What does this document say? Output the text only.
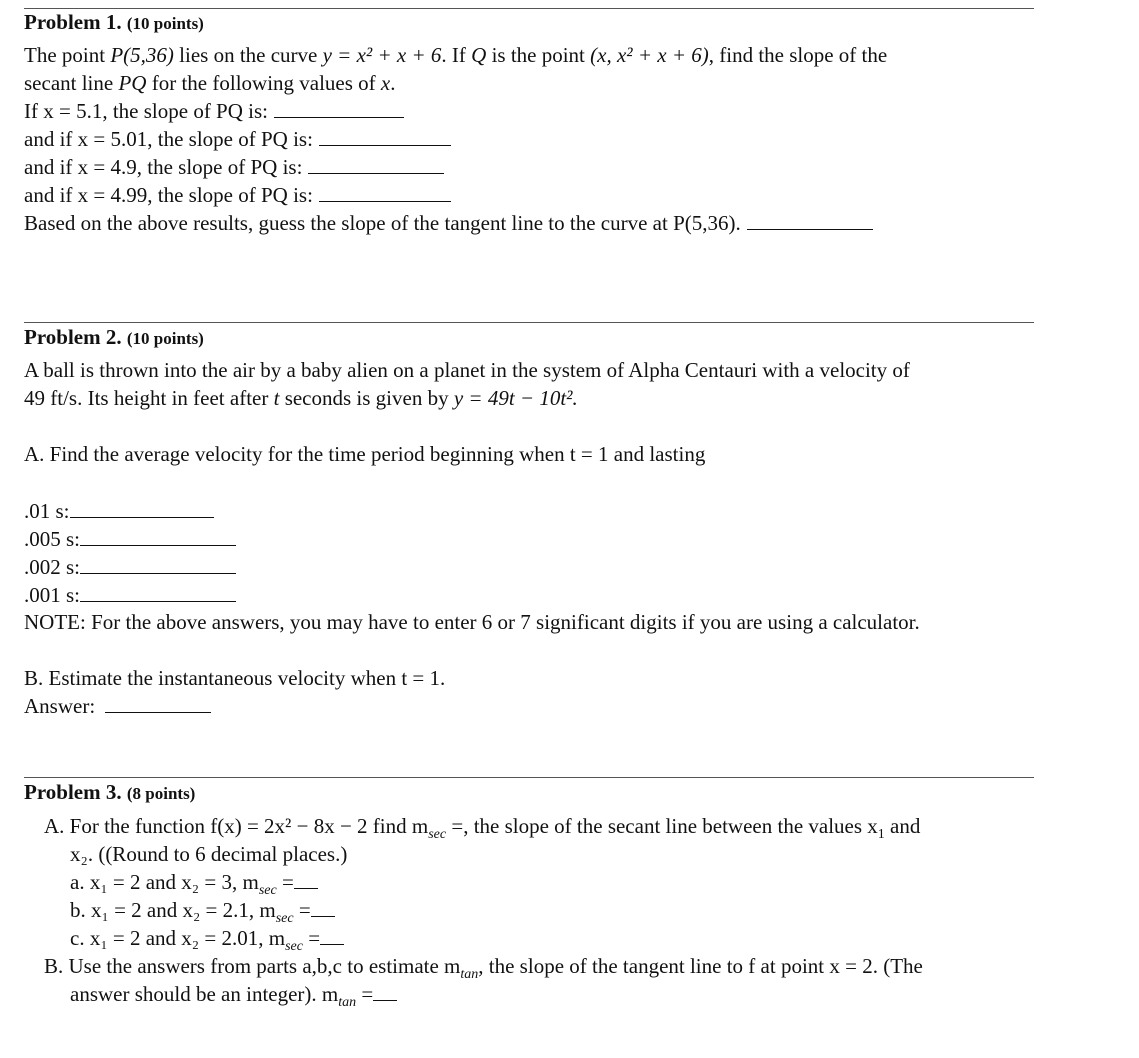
Problem 1. (10 points)
The point P(5,36) lies on the curve y = x² + x + 6. If Q is the point (x, x² + x + 6), find the slope of the
secant line PQ for the following values of x.
If x = 5.1, the slope of PQ is:
and if x = 5.01, the slope of PQ is:
and if x = 4.9, the slope of PQ is:
and if x = 4.99, the slope of PQ is:
Based on the above results, guess the slope of the tangent line to the curve at P(5,36).
Problem 2. (10 points)
A ball is thrown into the air by a baby alien on a planet in the system of Alpha Centauri with a velocity of
49 ft/s. Its height in feet after t seconds is given by y = 49t − 10t².
A. Find the average velocity for the time period beginning when t = 1 and lasting
.01 s:
.005 s:
.002 s:
.001 s:
NOTE: For the above answers, you may have to enter 6 or 7 significant digits if you are using a calculator.
B. Estimate the instantaneous velocity when t = 1.
Answer:
Problem 3. (8 points)
A. For the function f(x) = 2x² − 8x − 2 find $m_{sec}$ =, the slope of the secant line between the values $x_1$ and
x₂. ((Round to 6 decimal places.)
a. x₁ = 2 and x₂ = 3, $m_{sec}$ =
b. x₁ = 2 and x₂ = 2.1, $m_{sec}$ =
c. x₁ = 2 and x₂ = 2.01, $m_{sec}$ =
B. Use the answers from parts a,b,c to estimate $m_{tan}$, the slope of the tangent line to f at point x = 2. (The
answer should be an integer). $m_{tan}$ =
